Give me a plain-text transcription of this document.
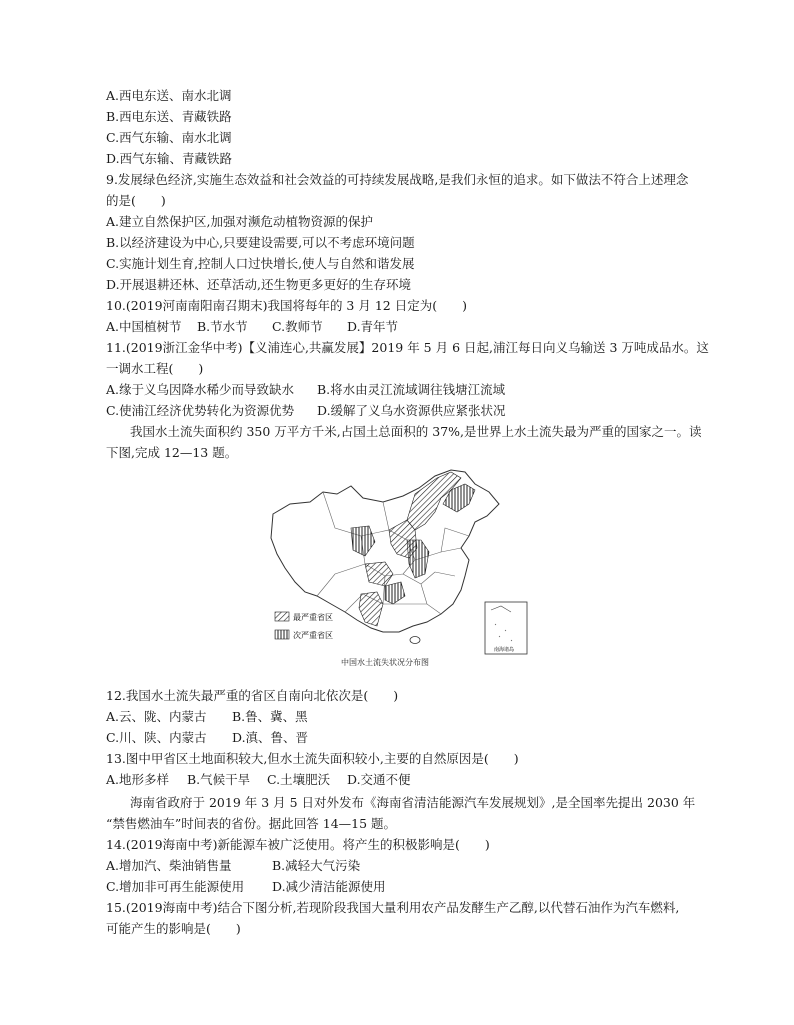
A.西电东送、南水北调
B.西电东送、青藏铁路
C.西气东输、南水北调
D.西气东输、青藏铁路
9.发展绿色经济,实施生态效益和社会效益的可持续发展战略,是我们永恒的追求。如下做法不符合上述理念
的是(　　)
A.建立自然保护区,加强对濒危动植物资源的保护
B.以经济建设为中心,只要建设需要,可以不考虑环境问题
C.实施计划生育,控制人口过快增长,使人与自然和谐发展
D.开展退耕还林、还草活动,还生物更多更好的生存环境
10.(2019河南南阳南召期末)我国将每年的 3 月 12 日定为(　　)
A.中国植树节 B.节水节 C.教师节 D.青年节
11.(2019浙江金华中考)【义浦连心,共赢发展】2019 年 5 月 6 日起,浦江每日向义乌输送 3 万吨成品水。这
一调水工程(　　)
A.缘于义乌因降水稀少而导致缺水 B.将水由灵江流域调往钱塘江流域
C.使浦江经济优势转化为资源优势 D.缓解了义乌水资源供应紧张状况
我国水土流失面积约 350 万平方千米,占国土总面积的 37%,是世界上水土流失最为严重的国家之一。读
下图,完成 12—13 题。
最严重省区
次严重省区
南海诸岛
中国水土流失状况分布图
12.我国水土流失最严重的省区自南向北依次是(　　)
A.云、陇、内蒙古 B.鲁、冀、黑
C.川、陕、内蒙古 D.滇、鲁、晋
13.图中甲省区土地面积较大,但水土流失面积较小,主要的自然原因是(　　)
A.地形多样 B.气候干旱 C.土壤肥沃 D.交通不便
海南省政府于 2019 年 3 月 5 日对外发布《海南省清洁能源汽车发展规划》,是全国率先提出 2030 年
“禁售燃油车”时间表的省份。据此回答 14—15 题。
14.(2019海南中考)新能源车被广泛使用。将产生的积极影响是(　　)
A.增加汽、柴油销售量	B.减轻大气污染
C.增加非可再生能源使用 D.减少清洁能源使用
15.(2019海南中考)结合下图分析,若现阶段我国大量利用农产品发酵生产乙醇,以代替石油作为汽车燃料,
可能产生的影响是(　　)
